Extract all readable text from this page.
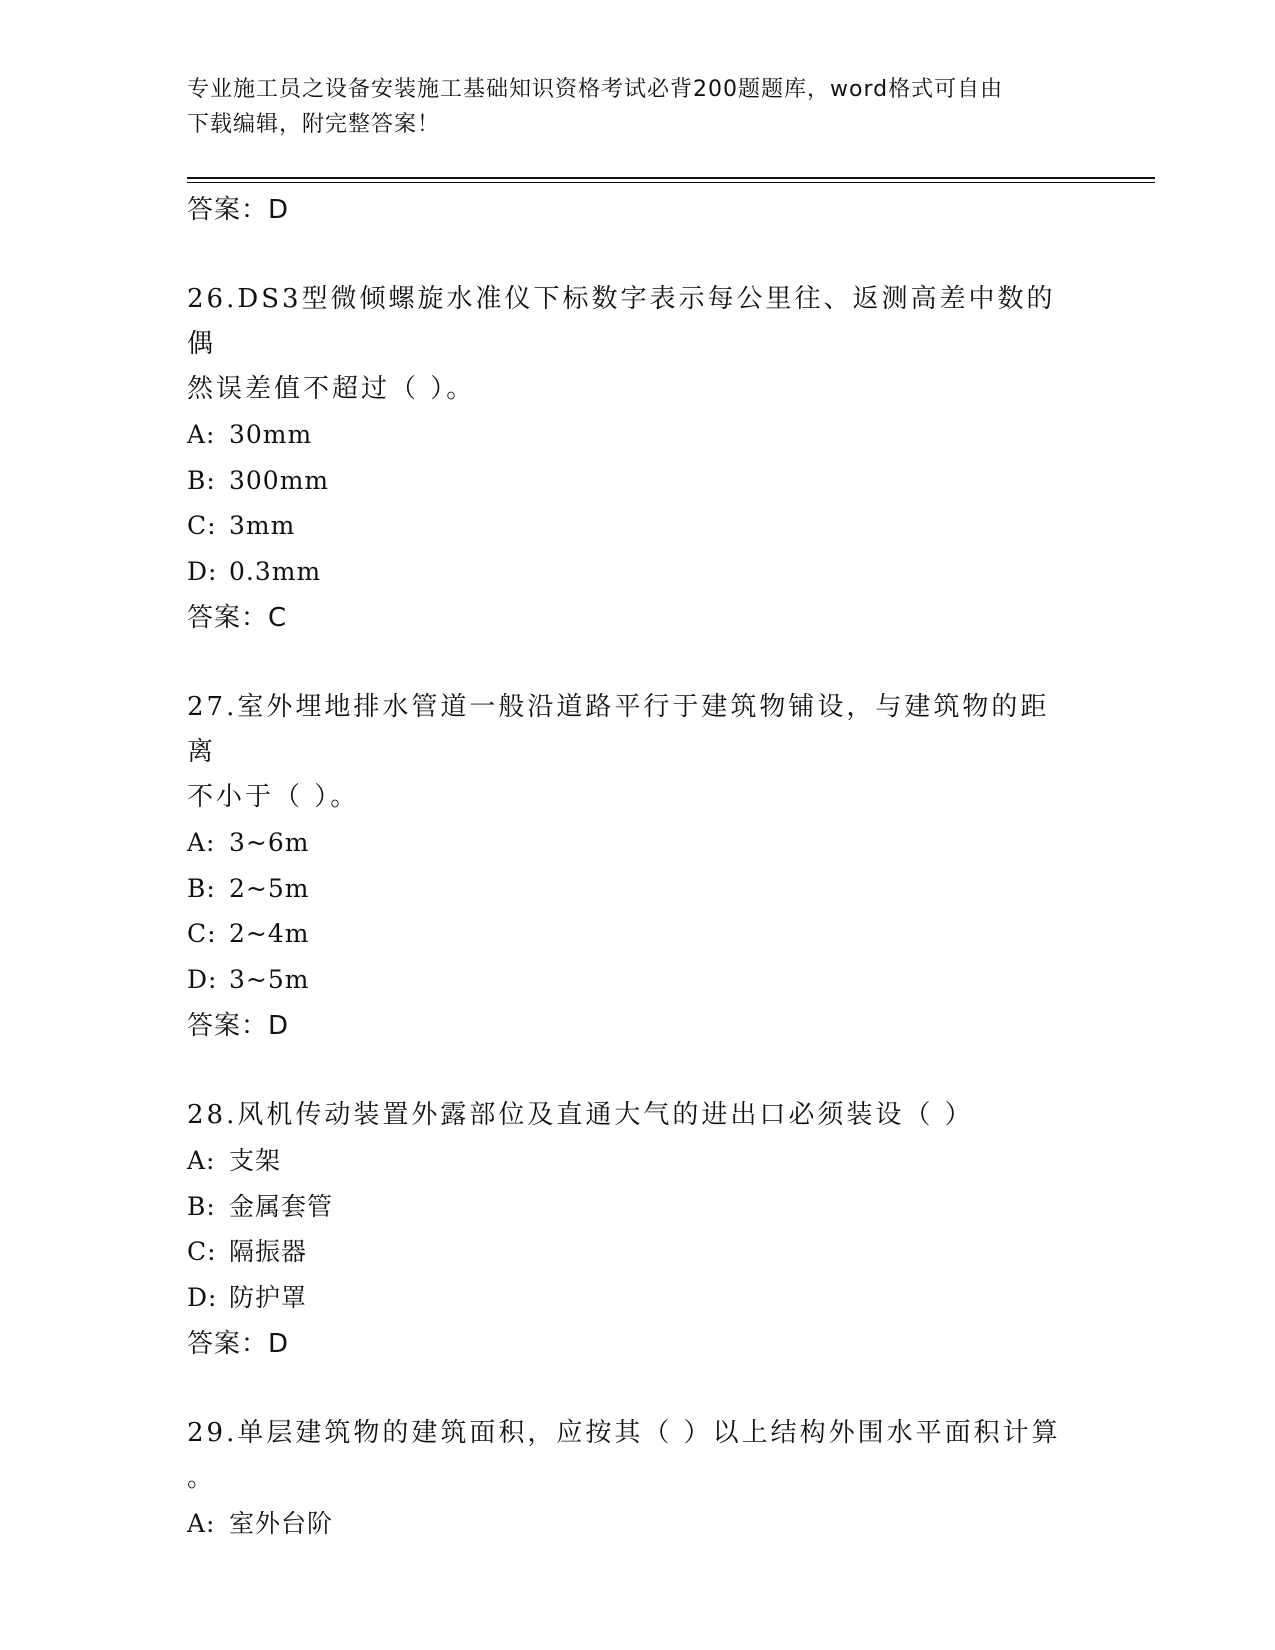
专业施工员之设备安装施工基础知识资格考试必背200题题库，word格式可自由
下载编辑，附完整答案！
答案：D
26.DS3型微倾螺旋水准仪下标数字表示每公里往、返测高差中数的偶
然误差值不超过（ ）。
A: 30mm
B: 300mm
C: 3mm
D: 0.3mm
答案：C
27.室外埋地排水管道一般沿道路平行于建筑物铺设，与建筑物的距离
不小于（ ）。
A: 3~6m
B: 2~5m
C: 2~4m
D: 3~5m
答案：D
28.风机传动装置外露部位及直通大气的进出口必须装设（ ）
A: 支架
B: 金属套管
C: 隔振器
D: 防护罩
答案：D
29.单层建筑物的建筑面积，应按其（ ）以上结构外围水平面积计算
。
A: 室外台阶
